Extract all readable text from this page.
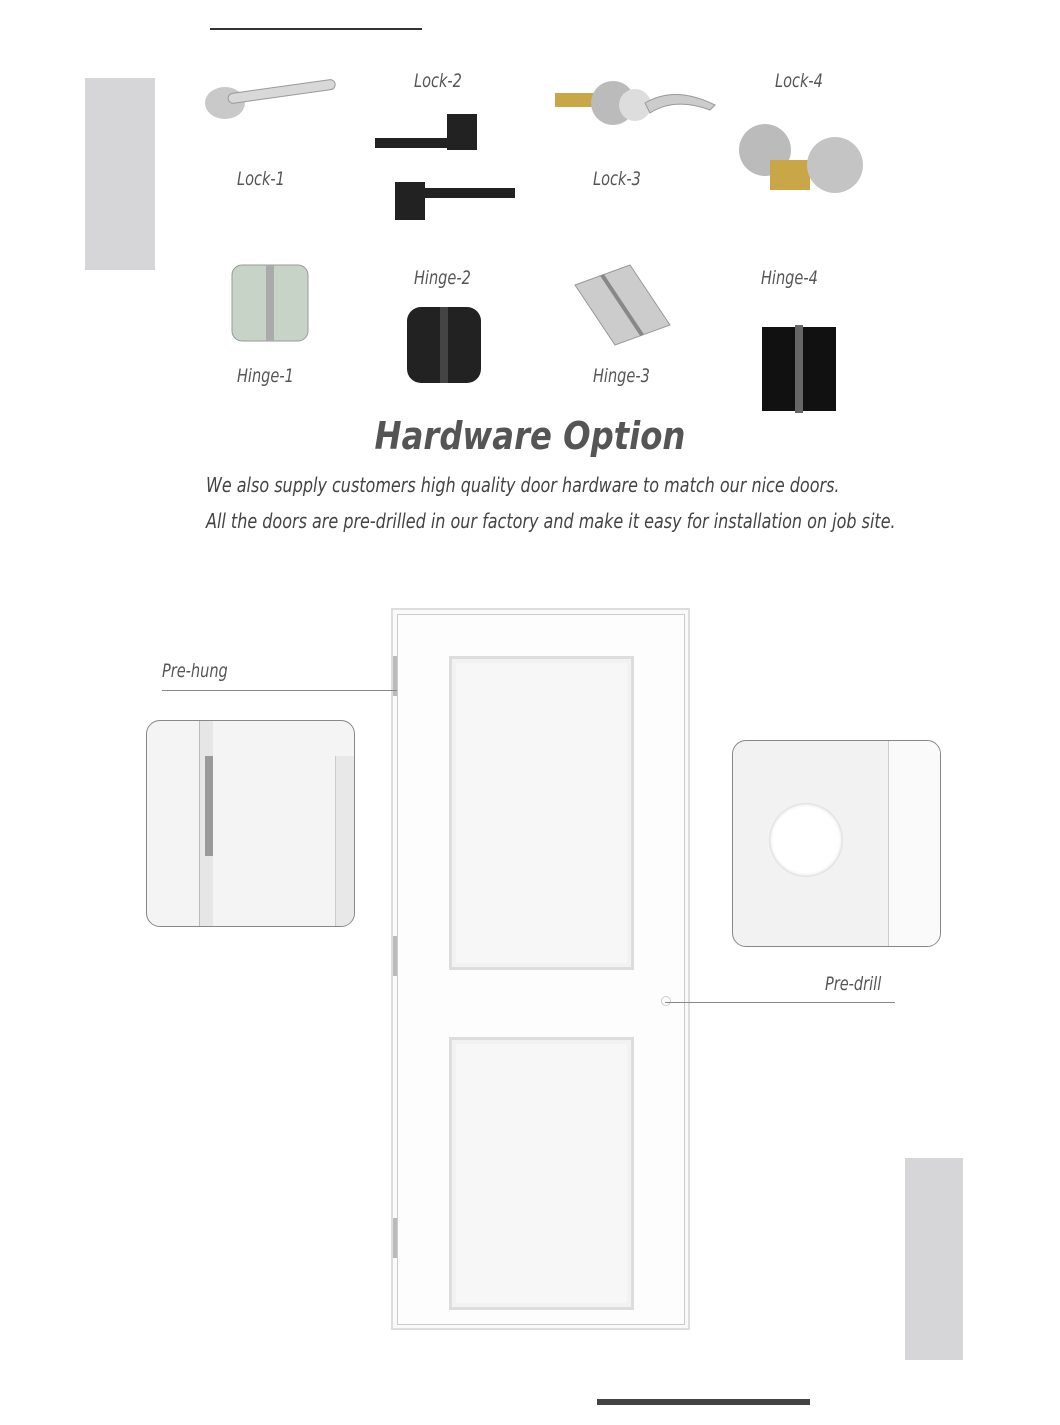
Lock-1
Lock-2
Lock-3
Lock-4
Hinge-1
Hinge-2
Hinge-3
Hinge-4
Hardware Option
We also supply customers high quality door hardware to match our nice doors.
All the doors are pre-drilled in our factory and make it easy for installation on job site.
Pre-hung
Pre-drill
